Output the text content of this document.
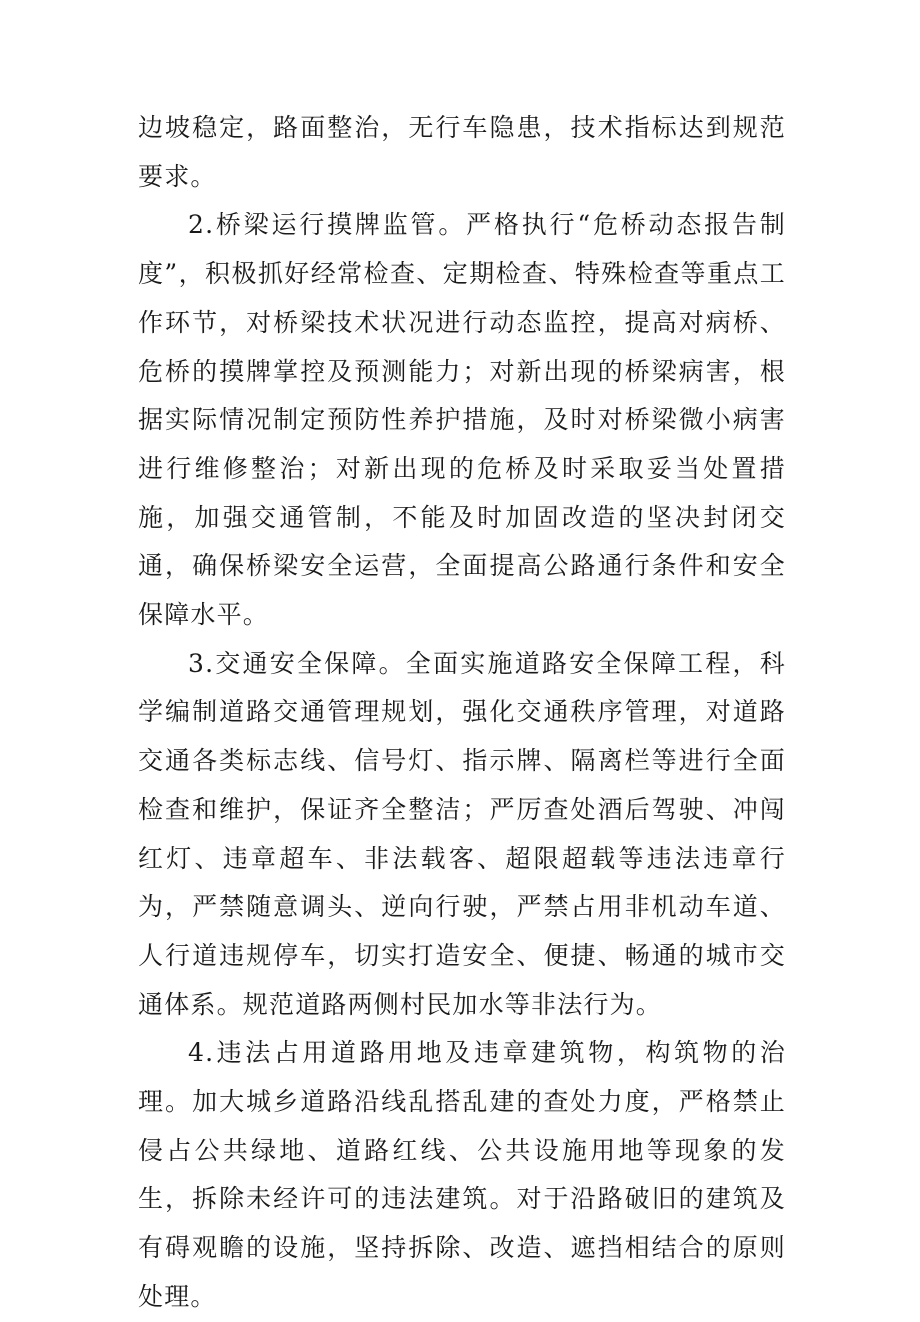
边坡稳定，路面整治，无行车隐患，技术指标达到规范要求。

2.桥梁运行摸牌监管。严格执行“危桥动态报告制度”，积极抓好经常检查、定期检查、特殊检查等重点工作环节，对桥梁技术状况进行动态监控，提高对病桥、危桥的摸牌掌控及预测能力；对新出现的桥梁病害，根据实际情况制定预防性养护措施，及时对桥梁微小病害进行维修整治；对新出现的危桥及时采取妥当处置措施，加强交通管制，不能及时加固改造的坚决封闭交通，确保桥梁安全运营，全面提高公路通行条件和安全保障水平。

3.交通安全保障。全面实施道路安全保障工程，科学编制道路交通管理规划，强化交通秩序管理，对道路交通各类标志线、信号灯、指示牌、隔离栏等进行全面检查和维护，保证齐全整洁；严厉查处酒后驾驶、冲闯红灯、违章超车、非法载客、超限超载等违法违章行为，严禁随意调头、逆向行驶，严禁占用非机动车道、人行道违规停车，切实打造安全、便捷、畅通的城市交通体系。规范道路两侧村民加水等非法行为。

4.违法占用道路用地及违章建筑物，构筑物的治理。加大城乡道路沿线乱搭乱建的查处力度，严格禁止侵占公共绿地、道路红线、公共设施用地等现象的发生，拆除未经许可的违法建筑。对于沿路破旧的建筑及有碍观瞻的设施，坚持拆除、改造、遮挡相结合的原则处理。
